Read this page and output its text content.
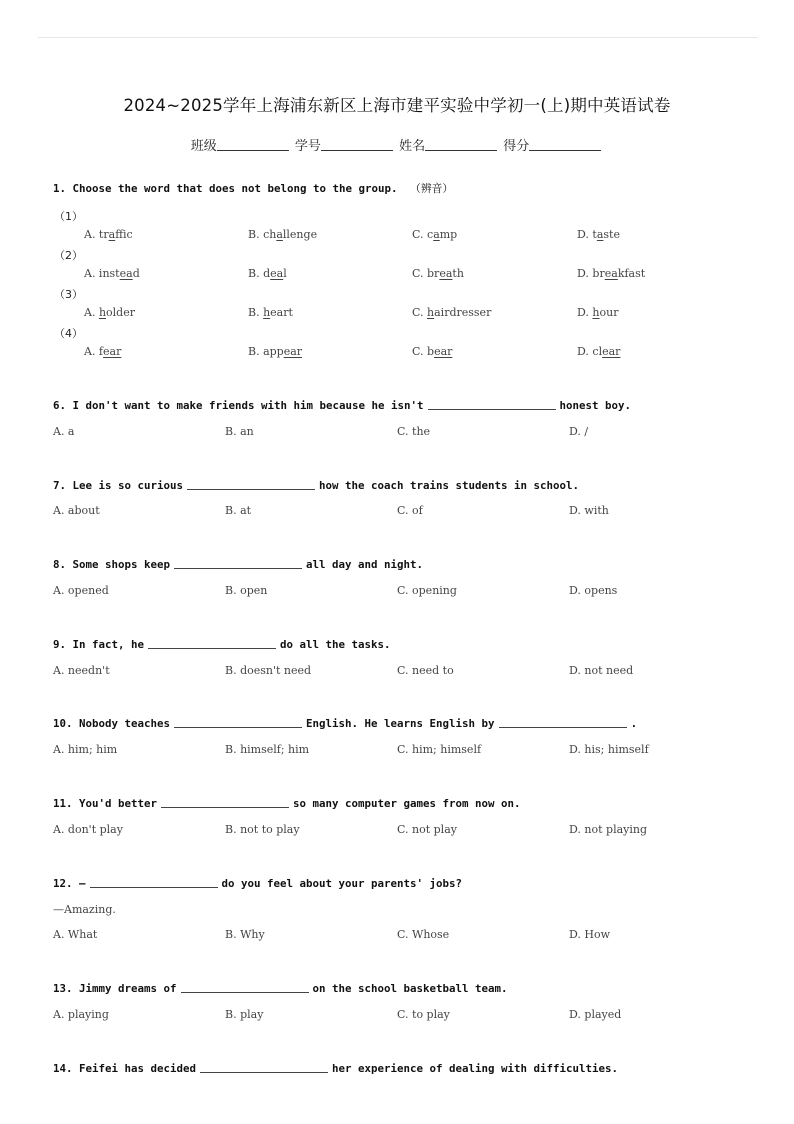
2024~2025学年上海浦东新区上海市建平实验中学初一(上)期中英语试卷
班级	学号	姓名	得分
1. Choose the word that does not belong to the group. （辨音）
（1）
A. traffic	B. challenge	C. camp	D. taste
（2）
A. instead	B. deal	C. breath	D. breakfast
（3）
A. holder	B. heart	C. hairdresser	D. hour
（4）
A. fear	B. appear	C. bear	D. clear
6. I don't want to make friends with him because he isn't	honest boy.
A. a	B. an	C. the	D. /
7. Lee is so curious	how the coach trains students in school.
A. about	B. at	C. of	D. with
8. Some shops keep	all day and night.
A. opened	B. open	C. opening	D. opens
9. In fact, he	do all the tasks.
A. needn't	B. doesn't need	C. need to	D. not need
10. Nobody teaches	English. He learns English by	.
A. him; him	B. himself; him	C. him; himself	D. his; himself
11. You'd better	so many computer games from now on.
A. don't play	B. not to play	C. not play	D. not playing
12. —	do you feel about your parents' jobs?
—Amazing.
A. What	B. Why	C. Whose	D. How
13. Jimmy dreams of	on the school basketball team.
A. playing	B. play	C. to play	D. played
14. Feifei has decided	her experience of dealing with difficulties.
